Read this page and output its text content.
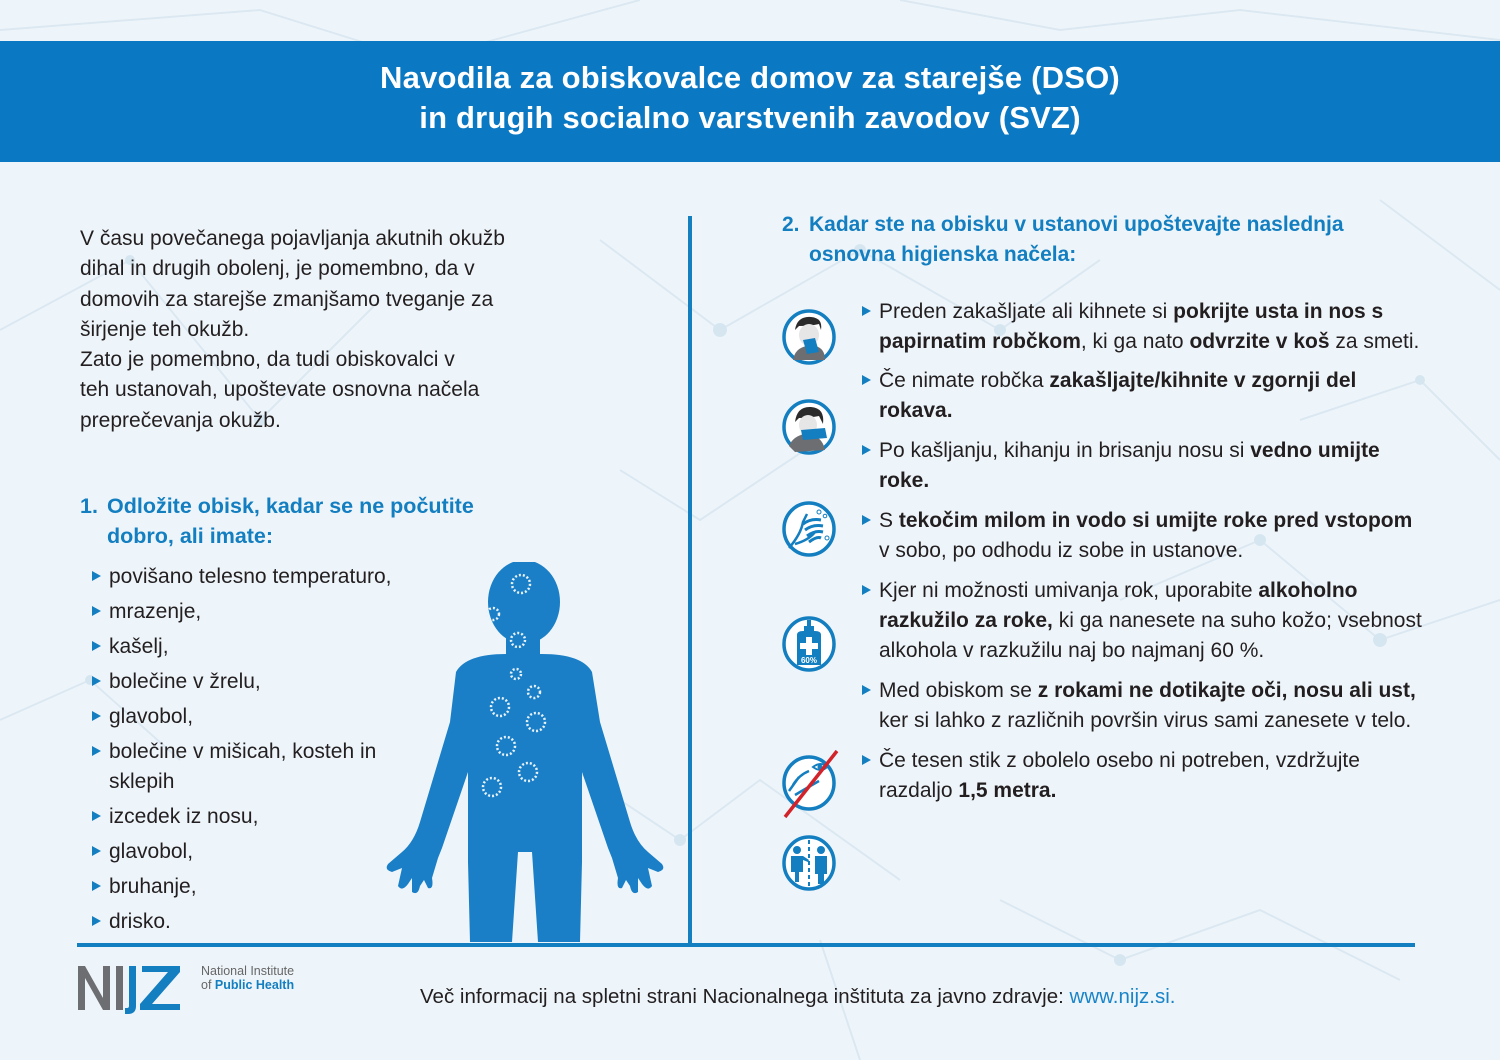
Navodila za obiskovalce domov za starejše (DSO)
in drugih socialno varstvenih zavodov (SVZ)
V času povečanega pojavljanja akutnih okužb
dihal in drugih obolenj, je pomembno, da v
domovih za starejše zmanjšamo tveganje za
širjenje teh okužb.
Zato je pomembno, da tudi obiskovalci v
teh ustanovah, upoštevate osnovna načela
preprečevanja okužb.
1. Odložite obisk, kadar se ne počutite
dobro, ali imate:
povišano telesno temperaturo,
mrazenje,
kašelj,
bolečine v žrelu,
glavobol,
bolečine v mišicah, kosteh in sklepih
izcedek iz nosu,
glavobol,
bruhanje,
drisko.
2. Kadar ste na obisku v ustanovi upoštevajte naslednja
osnovna higienska načela:
60%
Preden zakašljate ali kihnete si pokrijte usta in nos s papirnatim robčkom, ki ga nato odvrzite v koš za smeti.
Če nimate robčka zakašljajte/kihnite v zgornji del rokava.
Po kašljanju, kihanju in brisanju nosu si vedno umijte roke.
S tekočim milom in vodo si umijte roke pred vstopom v sobo, po odhodu iz sobe in ustanove.
Kjer ni možnosti umivanja rok, uporabite alkoholno razkužilo za roke, ki ga nanesete na suho kožo; vsebnost alkohola v razkužilu naj bo najmanj 60 %.
Med obiskom se z rokami ne dotikajte oči, nosu ali ust, ker si lahko z različnih površin virus sami zanesete v telo.
Če tesen stik z obolelo osebo ni potreben, vzdržujte razdaljo 1,5 metra.
National Institute
of Public Health	Več informacij na spletni strani Nacionalnega inštituta za javno zdravje: www.nijz.si.
